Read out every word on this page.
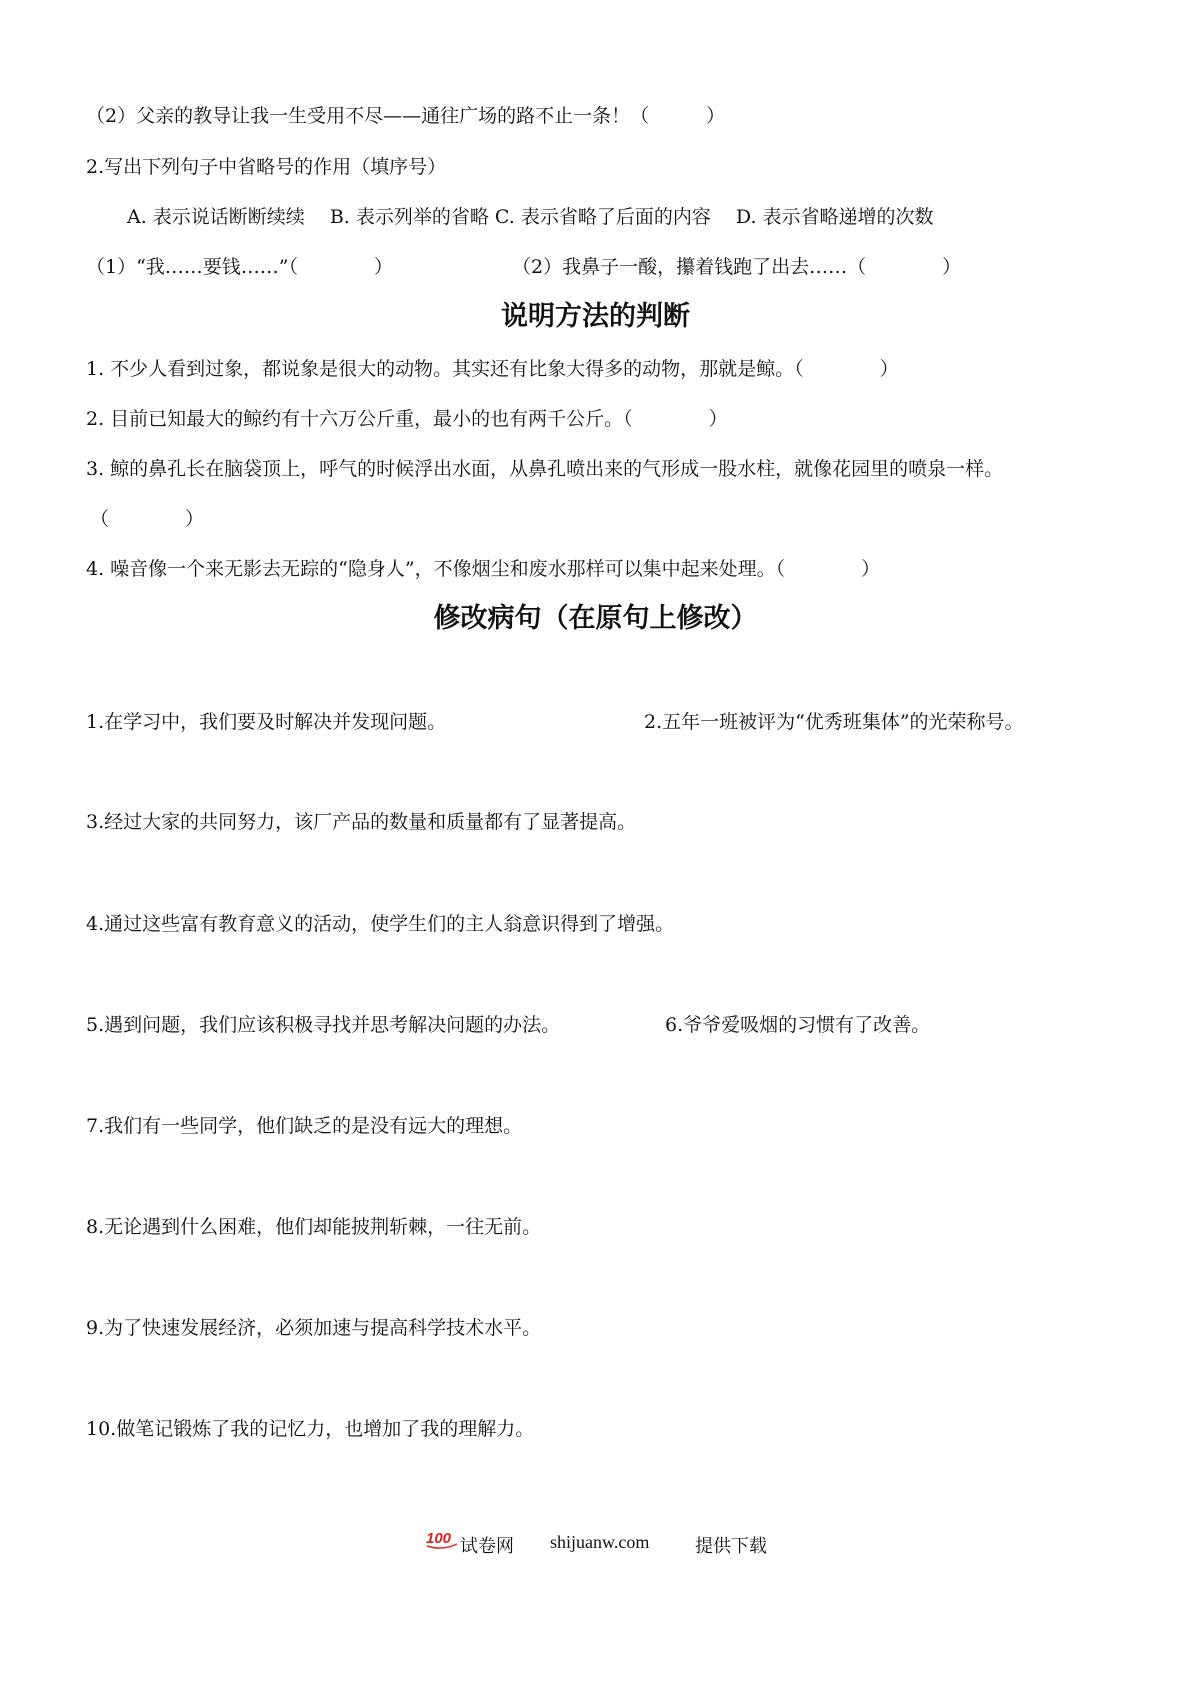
（2）父亲的教导让我一生受用不尽——通往广场的路不止一条！（　　　）
2.写出下列句子中省略号的作用（填序号）
A. 表示说话断断续续　 B. 表示列举的省略 C. 表示省略了后面的内容　 D. 表示省略递增的次数
（1）“我……要钱……”（　　　　）	（2）我鼻子一酸，攥着钱跑了出去……（　　　　）
说明方法的判断
1. 不少人看到过象，都说象是很大的动物。其实还有比象大得多的动物，那就是鲸。（　　　　）
2. 目前已知最大的鲸约有十六万公斤重，最小的也有两千公斤。（　　　　）
3. 鲸的鼻孔长在脑袋顶上，呼气的时候浮出水面，从鼻孔喷出来的气形成一股水柱，就像花园里的喷泉一样。
（　　　　）
4. 噪音像一个来无影去无踪的“隐身人”，不像烟尘和废水那样可以集中起来处理。（　　　　）
修改病句（在原句上修改）
1.在学习中，我们要及时解决并发现问题。	2.五年一班被评为“优秀班集体”的光荣称号。
3.经过大家的共同努力，该厂产品的数量和质量都有了显著提高。
4.通过这些富有教育意义的活动，使学生们的主人翁意识得到了增强。
5.遇到问题，我们应该积极寻找并思考解决问题的办法。	6.爷爷爱吸烟的习惯有了改善。
7.我们有一些同学，他们缺乏的是没有远大的理想。
8.无论遇到什么困难，他们却能披荆斩棘，一往无前。
9.为了快速发展经济，必须加速与提高科学技术水平。
10.做笔记锻炼了我的记忆力，也增加了我的理解力。
100 试卷网 shijuanw.com	提供下载
